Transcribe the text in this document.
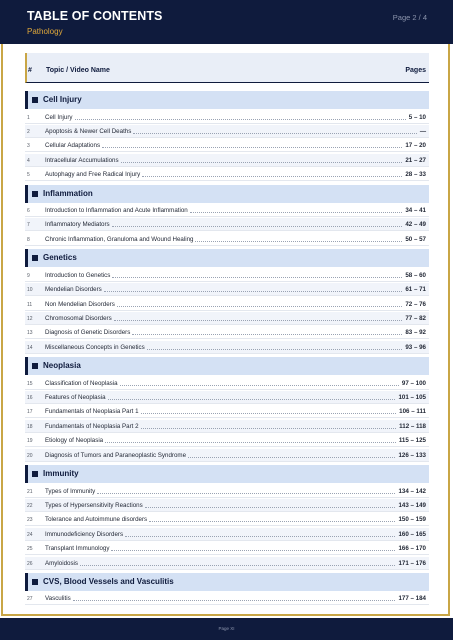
TABLE OF CONTENTS
Pathology
Page 2 / 4
# Topic / Video Name	Pages
Cell Injury
1 Cell Injury	5 – 10
2 Apoptosis & Newer Cell Deaths	—
3 Cellular Adaptations	17 – 20
4 Intracellular Accumulations	21 – 27
5 Autophagy and Free Radical Injury	28 – 33
Inflammation
6 Introduction to Inflammation and Acute Inflammation	34 – 41
7 Inflammatory Mediators	42 – 49
8 Chronic Inflammation, Granuloma and Wound Healing	50 – 57
Genetics
9 Introduction to Genetics	58 – 60
10 Mendelian Disorders	61 – 71
11 Non Mendelian Disorders	72 – 76
12 Chromosomal Disorders	77 – 82
13 Diagnosis of Genetic Disorders	83 – 92
14 Miscellaneous Concepts in Genetics	93 – 96
Neoplasia
15 Classification of Neoplasia	97 – 100
16 Features of Neoplasia	101 – 105
17 Fundamentals of Neoplasia Part 1	106 – 111
18 Fundamentals of Neoplasia Part 2	112 – 118
19 Etiology of Neoplasia	115 – 125
20 Diagnosis of Tumors and Paraneoplastic Syndrome	126 – 133
Immunity
21 Types of Immunity	134 – 142
22 Types of Hypersensitivity Reactions	143 – 149
23 Tolerance and Autoimmune disorders	150 – 159
24 Immunodeficiency Disorders	160 – 165
25 Transplant Immunology	166 – 170
26 Amyloidosis	171 – 176
CVS, Blood Vessels and Vasculitis
27 Vasculitis	177 – 184
Page XI
